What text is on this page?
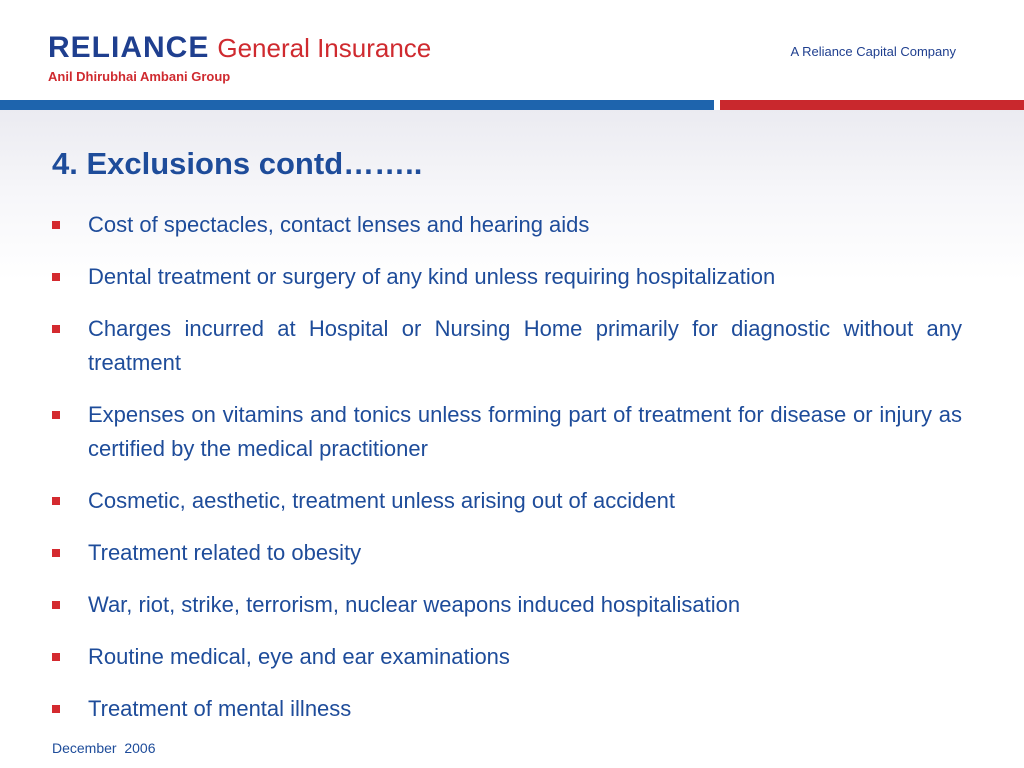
RELIANCE General Insurance
Anil Dhirubhai Ambani Group
A Reliance Capital Company
4. Exclusions contd……..
Cost of spectacles, contact lenses and hearing aids
Dental treatment or surgery of any kind unless requiring hospitalization
Charges incurred at Hospital or Nursing Home primarily for diagnostic without any treatment
Expenses on vitamins and tonics unless forming part of treatment for disease or injury as certified by the medical practitioner
Cosmetic, aesthetic, treatment unless arising out of accident
Treatment related to obesity
War, riot, strike, terrorism, nuclear weapons induced hospitalisation
Routine medical, eye and ear examinations
Treatment of mental illness
December  2006
